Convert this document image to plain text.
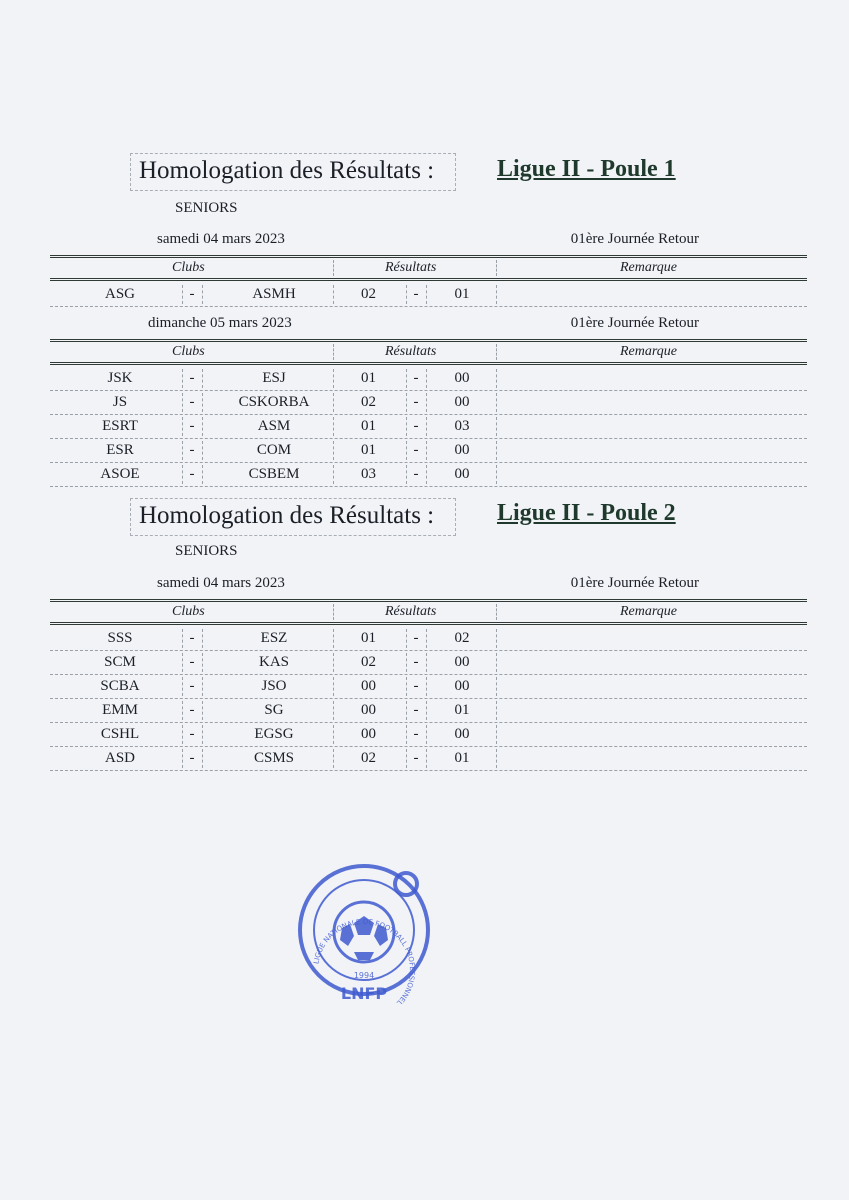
Homologation des Résultats :	Ligue II - Poule 1
SENIORS
samedi 04 mars 2023	01ère Journée Retour
Clubs	Résultats	Remarque
ASG	-	ASMH	02	-	01
dimanche 05 mars 2023	01ère Journée Retour
Clubs	Résultats	Remarque
JSK	-	ESJ	01	-	00
JS	-	CSKORBA	02	-	00
ESRT	-	ASM	01	-	03
ESR	-	COM	01	-	00
ASOE	-	CSBEM	03	-	00
Homologation des Résultats :	Ligue II - Poule 2
SENIORS
samedi 04 mars 2023	01ère Journée Retour
Clubs	Résultats	Remarque
SSS	-	ESZ	01	-	02
SCM	-	KAS	02	-	00
SCBA	-	JSO	00	-	00
EMM	-	SG	00	-	01
CSHL	-	EGSG	00	-	00
ASD	-	CSMS	02	-	01
LIGUE NATIONALE DE FOOTBALL PROFESSIONNEL
1994
LNFP
